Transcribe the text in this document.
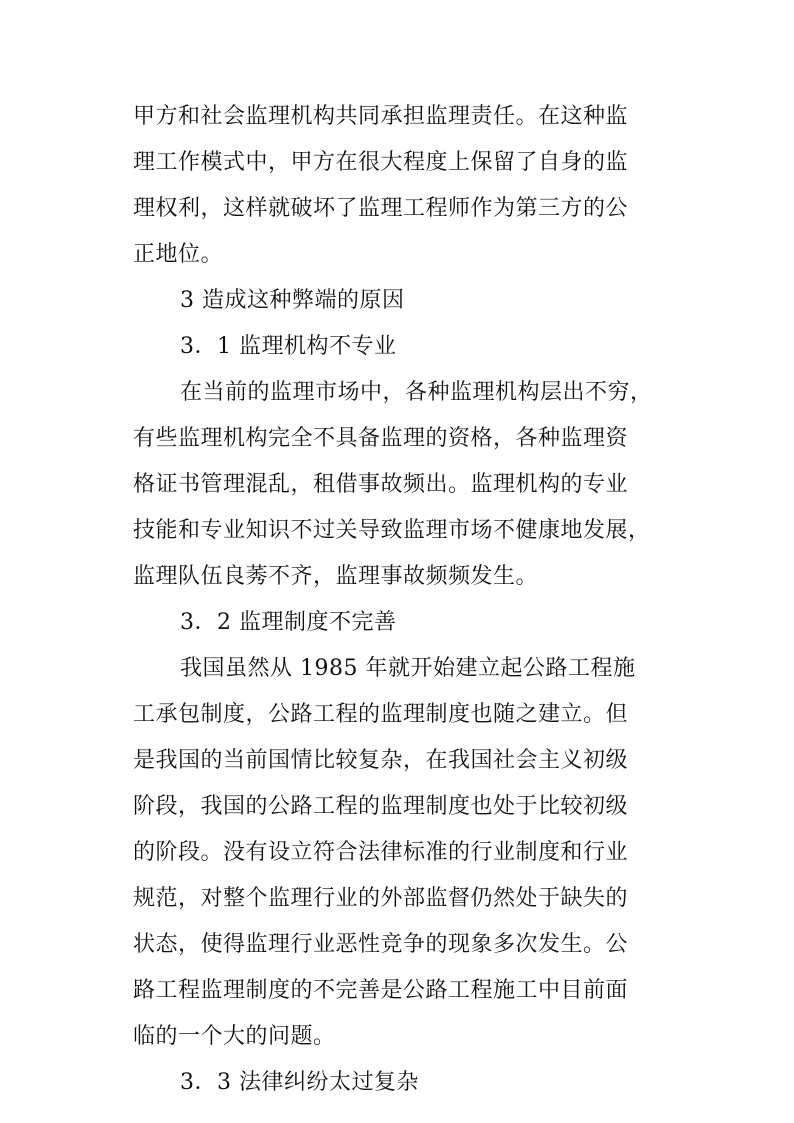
甲方和社会监理机构共同承担监理责任。在这种监
理工作模式中，甲方在很大程度上保留了自身的监
理权利，这样就破坏了监理工程师作为第三方的公
正地位。
3 造成这种弊端的原因
3．1 监理机构不专业
在当前的监理市场中，各种监理机构层出不穷，
有些监理机构完全不具备监理的资格，各种监理资
格证书管理混乱，租借事故频出。监理机构的专业
技能和专业知识不过关导致监理市场不健康地发展，
监理队伍良莠不齐，监理事故频频发生。
3．2 监理制度不完善
我国虽然从 1985 年就开始建立起公路工程施
工承包制度，公路工程的监理制度也随之建立。但
是我国的当前国情比较复杂，在我国社会主义初级
阶段，我国的公路工程的监理制度也处于比较初级
的阶段。没有设立符合法律标准的行业制度和行业
规范，对整个监理行业的外部监督仍然处于缺失的
状态，使得监理行业恶性竞争的现象多次发生。公
路工程监理制度的不完善是公路工程施工中目前面
临的一个大的问题。
3．3 法律纠纷太过复杂
